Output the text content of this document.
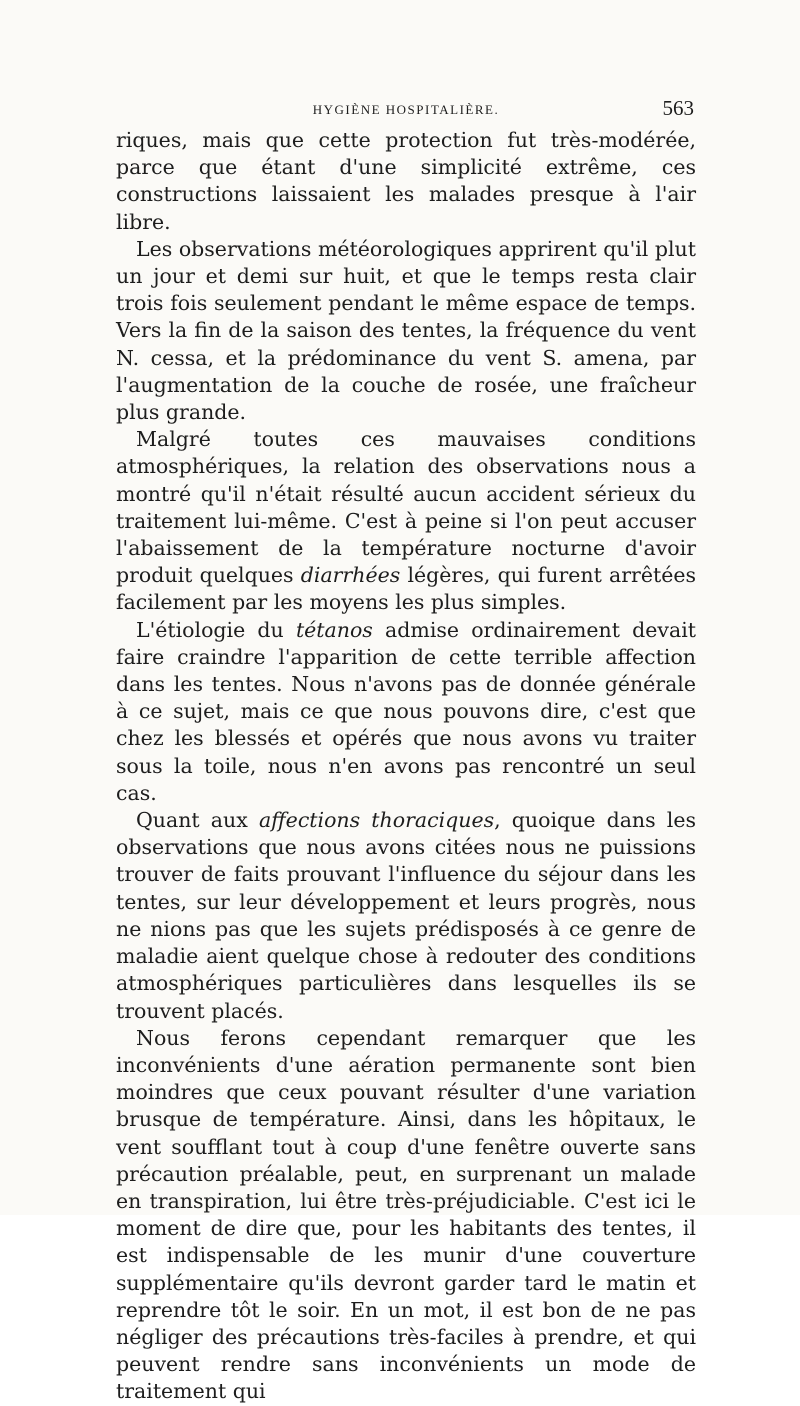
HYGIÈNE HOSPITALIÈRE.	563

riques, mais que cette protection fut très-modérée, parce que étant d'une simplicité extrême, ces constructions laissaient les malades presque à l'air libre.

Les observations météorologiques apprirent qu'il plut un jour et demi sur huit, et que le temps resta clair trois fois seulement pendant le même espace de temps. Vers la fin de la saison des tentes, la fréquence du vent N. cessa, et la prédominance du vent S. amena, par l'augmentation de la couche de rosée, une fraîcheur plus grande.

Malgré toutes ces mauvaises conditions atmosphériques, la relation des observations nous a montré qu'il n'était résulté aucun accident sérieux du traitement lui-même. C'est à peine si l'on peut accuser l'abaissement de la température nocturne d'avoir produit quelques diarrhées légères, qui furent arrêtées facilement par les moyens les plus simples.

L'étiologie du tétanos admise ordinairement devait faire craindre l'apparition de cette terrible affection dans les tentes. Nous n'avons pas de donnée générale à ce sujet, mais ce que nous pouvons dire, c'est que chez les blessés et opérés que nous avons vu traiter sous la toile, nous n'en avons pas rencontré un seul cas.

Quant aux affections thoraciques, quoique dans les observations que nous avons citées nous ne puissions trouver de faits prouvant l'influence du séjour dans les tentes, sur leur développement et leurs progrès, nous ne nions pas que les sujets prédisposés à ce genre de maladie aient quelque chose à redouter des conditions atmosphériques particulières dans lesquelles ils se trouvent placés.

Nous ferons cependant remarquer que les inconvénients d'une aération permanente sont bien moindres que ceux pouvant résulter d'une variation brusque de température. Ainsi, dans les hôpitaux, le vent soufflant tout à coup d'une fenêtre ouverte sans précaution préalable, peut, en surprenant un malade en transpiration, lui être très-préjudiciable. C'est ici le moment de dire que, pour les habitants des tentes, il est indispensable de les munir d'une couverture supplémentaire qu'ils devront garder tard le matin et reprendre tôt le soir. En un mot, il est bon de ne pas négliger des précautions très-faciles à prendre, et qui peuvent rendre sans inconvénients un mode de traitement qui
